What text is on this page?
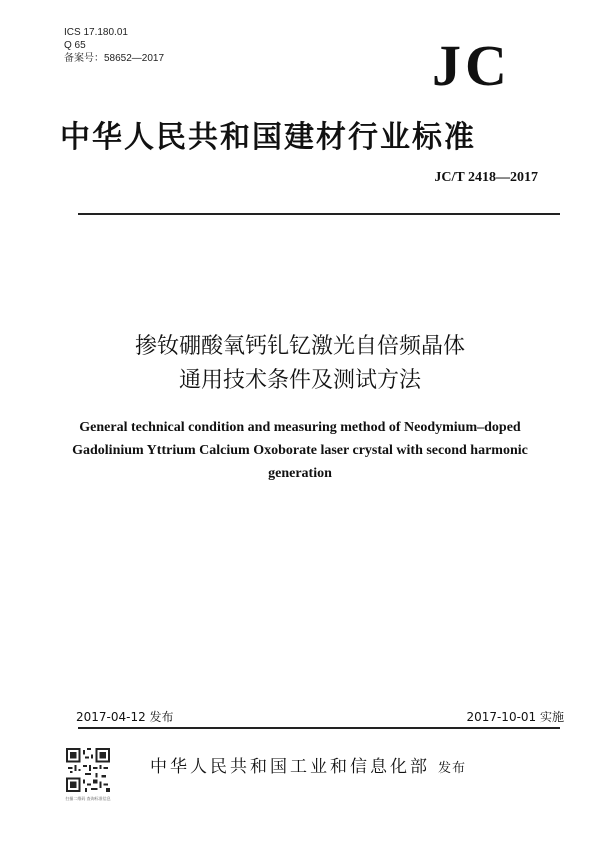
ICS 17.180.01
Q 65
备案号：58652—2017	JC
中华人民共和国建材行业标准
JC/T 2418—2017
掺钕硼酸氧钙钆钇激光自倍频晶体
通用技术条件及测试方法
General technical condition and measuring method of Neodymium‒doped
Gadolinium Yttrium Calcium Oxoborate laser crystal with second harmonic
generation
2017-04-12 发布	2017-10-01 实施
扫描二维码 查询标准信息
中华人民共和国工业和信息化部 发布
